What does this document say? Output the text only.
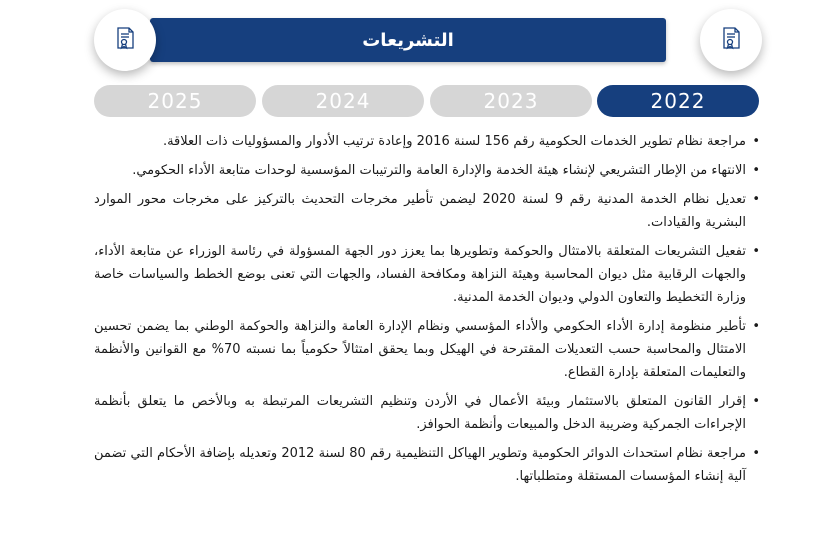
التشريعات
2022
2023
2024
2025
•
مراجعة نظام تطوير الخدمات الحكومية رقم 156 لسنة 2016 وإعادة ترتيب الأدوار والمسؤوليات ذات العلاقة.
•
الانتهاء من الإطار التشريعي لإنشاء هيئة الخدمة والإدارة العامة والترتيبات المؤسسية لوحدات متابعة الأداء الحكومي.
•
تعديل نظام الخدمة المدنية رقم 9 لسنة 2020 ليضمن تأطير مخرجات التحديث بالتركيز على مخرجات محور الموارد البشرية والقيادات.
•
تفعيل التشريعات المتعلقة بالامتثال والحوكمة وتطويرها بما يعزز دور الجهة المسؤولة في رئاسة الوزراء عن متابعة الأداء، والجهات الرقابية مثل ديوان المحاسبة وهيئة النزاهة ومكافحة الفساد، والجهات التي تعنى بوضع الخطط والسياسات خاصة وزارة التخطيط والتعاون الدولي وديوان الخدمة المدنية.
•
تأطير منظومة إدارة الأداء الحكومي والأداء المؤسسي ونظام الإدارة العامة والنزاهة والحوكمة الوطني بما يضمن تحسين الامتثال والمحاسبة حسب التعديلات المقترحة في الهيكل وبما يحقق امتثالاً حكومياً بما نسبته 70% مع القوانين والأنظمة والتعليمات المتعلقة بإدارة القطاع.
•
إقرار القانون المتعلق بالاستثمار وبيئة الأعمال في الأردن وتنظيم التشريعات المرتبطة به وبالأخص ما يتعلق بأنظمة الإجراءات الجمركية وضريبة الدخل والمبيعات وأنظمة الحوافز.
•
مراجعة نظام استحداث الدوائر الحكومية وتطوير الهياكل التنظيمية رقم 80 لسنة 2012 وتعديله بإضافة الأحكام التي تضمن آلية إنشاء المؤسسات المستقلة ومتطلباتها.
